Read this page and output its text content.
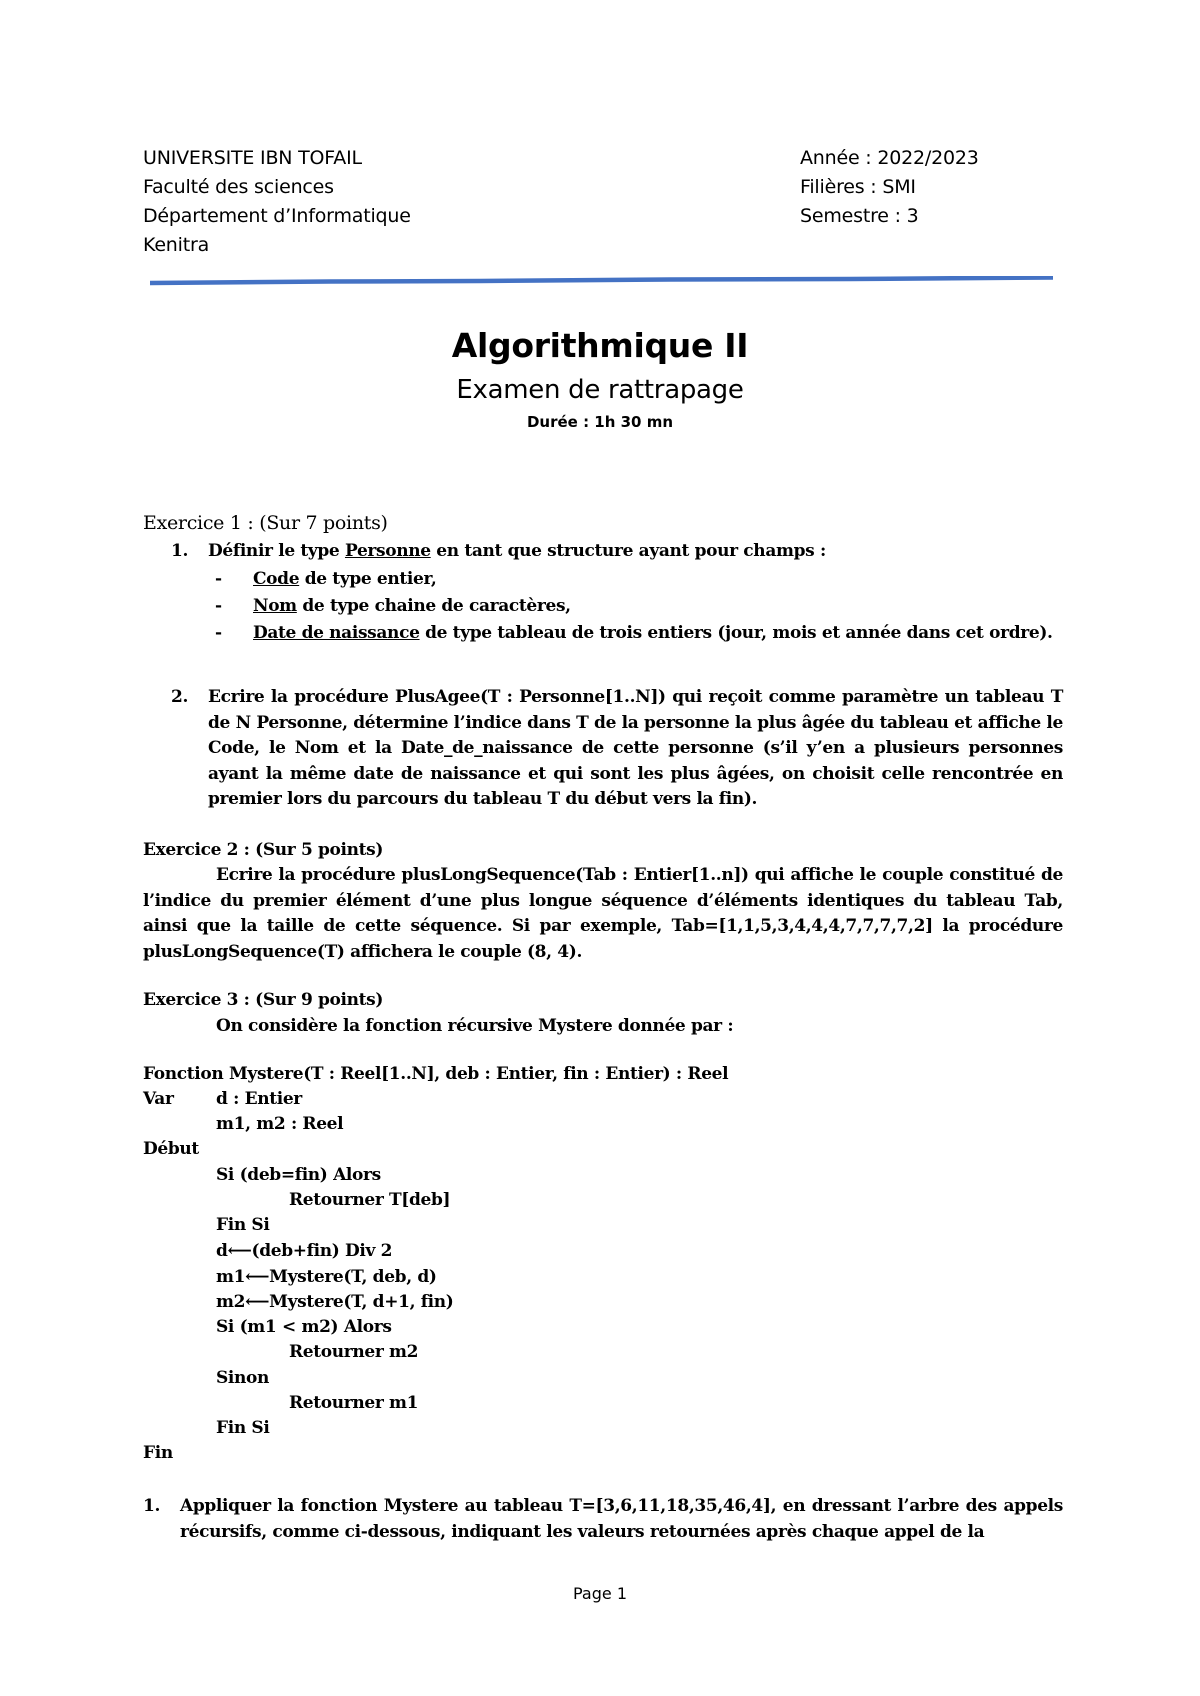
UNIVERSITE IBN TOFAIL
Faculté des sciences
Département d’Informatique
Kenitra
Année : 2022/2023
Filières : SMI
Semestre : 3
Algorithmique II
Examen de rattrapage
Durée : 1h 30 mn
Exercice 1 : (Sur 7 points)
1. Définir le type Personne en tant que structure ayant pour champs :
- Code de type entier,
- Nom de type chaine de caractères,
- Date de naissance de type tableau de trois entiers (jour, mois et année dans cet ordre).
2. Ecrire la procédure PlusAgee(T : Personne[1..N]) qui reçoit comme paramètre un tableau T de N Personne, détermine l’indice dans T de la personne la plus âgée du tableau et affiche le Code, le Nom et la Date_de_naissance de cette personne (s’il y’en a plusieurs personnes ayant la même date de naissance et qui sont les plus âgées, on choisit celle rencontrée en premier lors du parcours du tableau T du début vers la fin).
Exercice 2 : (Sur 5 points)
Ecrire la procédure plusLongSequence(Tab : Entier[1..n]) qui affiche le couple constitué de l’indice du premier élément d’une plus longue séquence d’éléments identiques du tableau Tab, ainsi que la taille de cette séquence. Si par exemple, Tab=[1,1,5,3,4,4,4,7,7,7,7,2] la procédure plusLongSequence(T) affichera le couple (8, 4).
Exercice 3 : (Sur 9 points)
On considère la fonction récursive Mystere donnée par :
Fonction Mystere(T : Reel[1..N], deb : Entier, fin : Entier) : Reel
Var d : Entier
m1, m2 : Reel
Début
Si (deb=fin) Alors
Retourner T[deb]
Fin Si
d⟵(deb+fin) Div 2
m1⟵Mystere(T, deb, d)
m2⟵Mystere(T, d+1, fin)
Si (m1 < m2) Alors
Retourner m2
Sinon
Retourner m1
Fin Si
Fin
1. Appliquer la fonction Mystere au tableau T=[3,6,11,18,35,46,4], en dressant l’arbre des appels récursifs, comme ci-dessous, indiquant les valeurs retournées après chaque appel de la
Page 1
